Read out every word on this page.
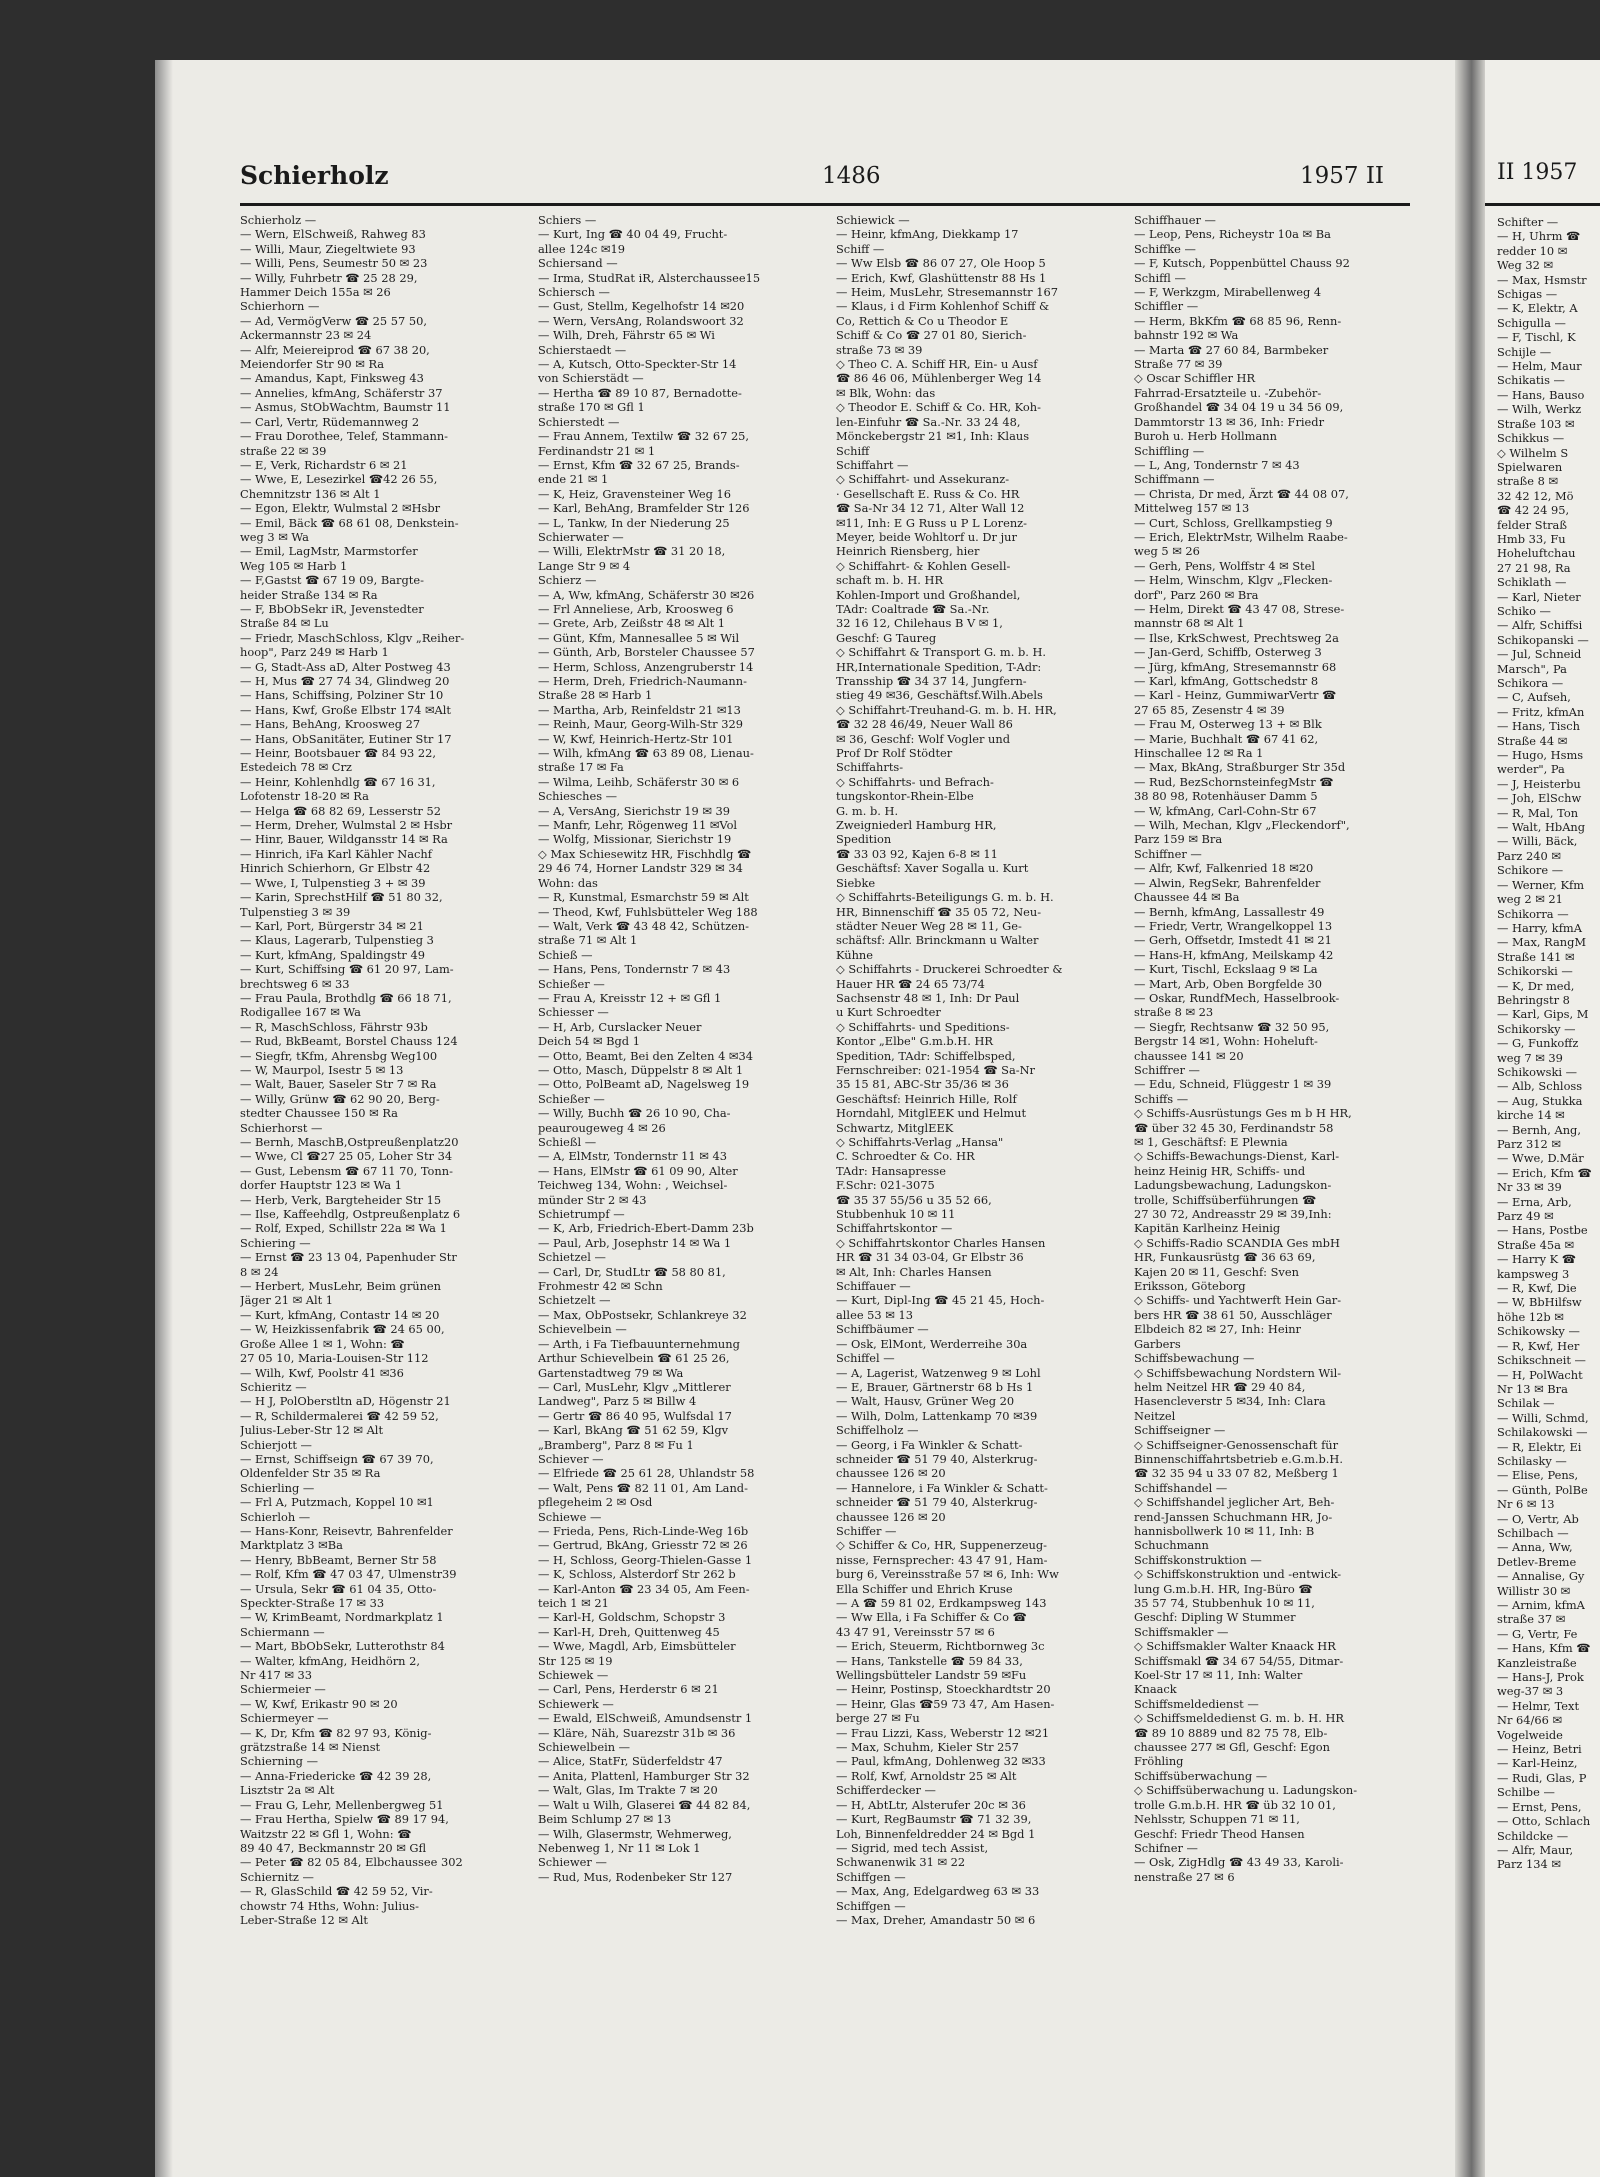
II 1957
Schifter —
— H, Uhrm ☎
redder 10 ✉
Weg 32 ✉
— Max, Hsmstr
Schigas —
— K, Elektr, A
Schigulla —
— F, Tischl, K
Schijle —
— Helm, Maur
Schikatis —
— Hans, Bauso
— Wilh, Werkz
Straße 103 ✉
Schikkus —
◇ Wilhelm S
Spielwaren
straße 8 ✉
32 42 12, Mö
☎ 42 24 95,
felder Straß
Hmb 33, Fu
Hoheluftchau
27 21 98, Ra
Schiklath —
— Karl, Nieter
Schiko —
— Alfr, Schiffsi
Schikopanski —
— Jul, Schneid
Marsch", Pa
Schikora —
— C, Aufseh,
— Fritz, kfmAn
— Hans, Tisch
Straße 44 ✉
— Hugo, Hsms
werder", Pa
— J, Heisterbu
— Joh, ElSchw
— R, Mal, Ton
— Walt, HbAng
— Willi, Bäck,
Parz 240 ✉
Schikore —
— Werner, Kfm
weg 2 ✉ 21
Schikorra —
— Harry, kfmA
— Max, RangM
Straße 141 ✉
Schikorski —
— K, Dr med,
Behringstr 8
— Karl, Gips, M
Schikorsky —
— G, Funkoffz
weg 7 ✉ 39
Schikowski —
— Alb, Schloss
— Aug, Stukka
kirche 14 ✉
— Bernh, Ang,
Parz 312 ✉
— Wwe, D.Mär
— Erich, Kfm ☎
Nr 33 ✉ 39
— Erna, Arb,
Parz 49 ✉
— Hans, Postbe
Straße 45a ✉
— Harry K ☎
kampsweg 3
— R, Kwf, Die
— W, BbHilfsw
höhe 12b ✉
Schikowsky —
— R, Kwf, Her
Schikschneit —
— H, PolWacht
Nr 13 ✉ Bra
Schilak —
— Willi, Schmd,
Schilakowski —
— R, Elektr, Ei
Schilasky —
— Elise, Pens,
— Günth, PolBe
Nr 6 ✉ 13
— O, Vertr, Ab
Schilbach —
— Anna, Ww,
Detlev-Breme
— Annalise, Gy
Willistr 30 ✉
— Arnim, kfmA
straße 37 ✉
— G, Vertr, Fe
— Hans, Kfm ☎
Kanzleistraße
— Hans-J, Prok
weg-37 ✉ 3
— Helmr, Text
Nr 64/66 ✉
Vogelweide
— Heinz, Betri
— Karl-Heinz,
— Rudi, Glas, P
Schilbe —
— Ernst, Pens,
— Otto, Schlach
Schildcke —
— Alfr, Maur,
Parz 134 ✉
Schierholz	1486	1957 II
Schierholz —
— Wern, ElSchweiß, Rahweg 83
— Willi, Maur, Ziegeltwiete 93
— Willi, Pens, Seumestr 50 ✉ 23
— Willy, Fuhrbetr ☎ 25 28 29,
Hammer Deich 155a ✉ 26
Schierhorn —
— Ad, VermögVerw ☎ 25 57 50,
Ackermannstr 23 ✉ 24
— Alfr, Meiereiprod ☎ 67 38 20,
Meiendorfer Str 90 ✉ Ra
— Amandus, Kapt, Finksweg 43
— Annelies, kfmAng, Schäferstr 37
— Asmus, StObWachtm, Baumstr 11
— Carl, Vertr, Rüdemannweg 2
— Frau Dorothee, Telef, Stammann-
straße 22 ✉ 39
— E, Verk, Richardstr 6 ✉ 21
— Wwe, E, Lesezirkel ☎42 26 55,
Chemnitzstr 136 ✉ Alt 1
— Egon, Elektr, Wulmstal 2 ✉Hsbr
— Emil, Bäck ☎ 68 61 08, Denkstein-
weg 3 ✉ Wa
— Emil, LagMstr, Marmstorfer
Weg 105 ✉ Harb 1
— F,Gastst ☎ 67 19 09, Bargte-
heider Straße 134 ✉ Ra
— F, BbObSekr iR, Jevenstedter
Straße 84 ✉ Lu
— Friedr, MaschSchloss, Klgv „Reiher-
hoop", Parz 249 ✉ Harb 1
— G, Stadt-Ass aD, Alter Postweg 43
— H, Mus ☎ 27 74 34, Glindweg 20
— Hans, Schiffsing, Polziner Str 10
— Hans, Kwf, Große Elbstr 174 ✉Alt
— Hans, BehAng, Kroosweg 27
— Hans, ObSanitäter, Eutiner Str 17
— Heinr, Bootsbauer ☎ 84 93 22,
Estedeich 78 ✉ Crz
— Heinr, Kohlenhdlg ☎ 67 16 31,
Lofotenstr 18-20 ✉ Ra
— Helga ☎ 68 82 69, Lesserstr 52
— Herm, Dreher, Wulmstal 2 ✉ Hsbr
— Hinr, Bauer, Wildgansstr 14 ✉ Ra
— Hinrich, iFa Karl Kähler Nachf
Hinrich Schierhorn, Gr Elbstr 42
— Wwe, I, Tulpenstieg 3 + ✉ 39
— Karin, SprechstHilf ☎ 51 80 32,
Tulpenstieg 3 ✉ 39
— Karl, Port, Bürgerstr 34 ✉ 21
— Klaus, Lagerarb, Tulpenstieg 3
— Kurt, kfmAng, Spaldingstr 49
— Kurt, Schiffsing ☎ 61 20 97, Lam-
brechtsweg 6 ✉ 33
— Frau Paula, Brothdlg ☎ 66 18 71,
Rodigallee 167 ✉ Wa
— R, MaschSchloss, Fährstr 93b
— Rud, BkBeamt, Borstel Chauss 124
— Siegfr, tKfm, Ahrensbg Weg100
— W, Maurpol, Isestr 5 ✉ 13
— Walt, Bauer, Saseler Str 7 ✉ Ra
— Willy, Grünw ☎ 62 90 20, Berg-
stedter Chaussee 150 ✉ Ra
Schierhorst —
— Bernh, MaschB,Ostpreußenplatz20
— Wwe, Cl ☎27 25 05, Loher Str 34
— Gust, Lebensm ☎ 67 11 70, Tonn-
dorfer Hauptstr 123 ✉ Wa 1
— Herb, Verk, Bargteheider Str 15
— Ilse, Kaffeehdlg, Ostpreußenplatz 6
— Rolf, Exped, Schillstr 22a ✉ Wa 1
Schiering —
— Ernst ☎ 23 13 04, Papenhuder Str
8 ✉ 24
— Herbert, MusLehr, Beim grünen
Jäger 21 ✉ Alt 1
— Kurt, kfmAng, Contastr 14 ✉ 20
— W, Heizkissenfabrik ☎ 24 65 00,
Große Allee 1 ✉ 1, Wohn: ☎
27 05 10, Maria-Louisen-Str 112
— Wilh, Kwf, Poolstr 41 ✉36
Schieritz —
— H J, PolOberstltn aD, Högenstr 21
— R, Schildermalerei ☎ 42 59 52,
Julius-Leber-Str 12 ✉ Alt
Schierjott —
— Ernst, Schiffseign ☎ 67 39 70,
Oldenfelder Str 35 ✉ Ra
Schierling —
— Frl A, Putzmach, Koppel 10 ✉1
Schierloh —
— Hans-Konr, Reisevtr, Bahrenfelder
Marktplatz 3 ✉Ba
— Henry, BbBeamt, Berner Str 58
— Rolf, Kfm ☎ 47 03 47, Ulmenstr39
— Ursula, Sekr ☎ 61 04 35, Otto-
Speckter-Straße 17 ✉ 33
— W, KrimBeamt, Nordmarkplatz 1
Schiermann —
— Mart, BbObSekr, Lutterothstr 84
— Walter, kfmAng, Heidhörn 2,
Nr 417 ✉ 33
Schiermeier —
— W, Kwf, Erikastr 90 ✉ 20
Schiermeyer —
— K, Dr, Kfm ☎ 82 97 93, König-
grätzstraße 14 ✉ Nienst
Schierning —
— Anna-Friedericke ☎ 42 39 28,
Lisztstr 2a ✉ Alt
— Frau G, Lehr, Mellenbergweg 51
— Frau Hertha, Spielw ☎ 89 17 94,
Waitzstr 22 ✉ Gfl 1, Wohn: ☎
89 40 47, Beckmannstr 20 ✉ Gfl
— Peter ☎ 82 05 84, Elbchaussee 302
Schiernitz —
— R, GlasSchild ☎ 42 59 52, Vir-
chowstr 74 Hths, Wohn: Julius-
Leber-Straße 12 ✉ Alt
Schiers —
— Kurt, Ing ☎ 40 04 49, Frucht-
allee 124c ✉19
Schiersand —
— Irma, StudRat iR, Alsterchaussee15
Schiersch —
— Gust, Stellm, Kegelhofstr 14 ✉20
— Wern, VersAng, Rolandswoort 32
— Wilh, Dreh, Fährstr 65 ✉ Wi
Schierstaedt —
— A, Kutsch, Otto-Speckter-Str 14
von Schierstädt —
— Hertha ☎ 89 10 87, Bernadotte-
straße 170 ✉ Gfl 1
Schierstedt —
— Frau Annem, Textilw ☎ 32 67 25,
Ferdinandstr 21 ✉ 1
— Ernst, Kfm ☎ 32 67 25, Brands-
ende 21 ✉ 1
— K, Heiz, Gravensteiner Weg 16
— Karl, BehAng, Bramfelder Str 126
— L, Tankw, In der Niederung 25
Schierwater —
— Willi, ElektrMstr ☎ 31 20 18,
Lange Str 9 ✉ 4
Schierz —
— A, Ww, kfmAng, Schäferstr 30 ✉26
— Frl Anneliese, Arb, Kroosweg 6
— Grete, Arb, Zeißstr 48 ✉ Alt 1
— Günt, Kfm, Mannesallee 5 ✉ Wil
— Günth, Arb, Borsteler Chaussee 57
— Herm, Schloss, Anzengruberstr 14
— Herm, Dreh, Friedrich-Naumann-
Straße 28 ✉ Harb 1
— Martha, Arb, Reinfeldstr 21 ✉13
— Reinh, Maur, Georg-Wilh-Str 329
— W, Kwf, Heinrich-Hertz-Str 101
— Wilh, kfmAng ☎ 63 89 08, Lienau-
straße 17 ✉ Fa
— Wilma, Leihb, Schäferstr 30 ✉ 6
Schiesches —
— A, VersAng, Sierichstr 19 ✉ 39
— Manfr, Lehr, Rögenweg 11 ✉Vol
— Wolfg, Missionar, Sierichstr 19
◇ Max Schiesewitz HR, Fischhdlg ☎
29 46 74, Horner Landstr 329 ✉ 34
Wohn: das
— R, Kunstmal, Esmarchstr 59 ✉ Alt
— Theod, Kwf, Fuhlsbütteler Weg 188
— Walt, Verk ☎ 43 48 42, Schützen-
straße 71 ✉ Alt 1
Schieß —
— Hans, Pens, Tondernstr 7 ✉ 43
Schießer —
— Frau A, Kreisstr 12 + ✉ Gfl 1
Schiesser —
— H, Arb, Curslacker Neuer
Deich 54 ✉ Bgd 1
— Otto, Beamt, Bei den Zelten 4 ✉34
— Otto, Masch, Düppelstr 8 ✉ Alt 1
— Otto, PolBeamt aD, Nagelsweg 19
Schießer —
— Willy, Buchh ☎ 26 10 90, Cha-
peaurougeweg 4 ✉ 26
Schießl —
— A, ElMstr, Tondernstr 11 ✉ 43
— Hans, ElMstr ☎ 61 09 90, Alter
Teichweg 134, Wohn: , Weichsel-
münder Str 2 ✉ 43
Schietrumpf —
— K, Arb, Friedrich-Ebert-Damm 23b
— Paul, Arb, Josephstr 14 ✉ Wa 1
Schietzel —
— Carl, Dr, StudLtr ☎ 58 80 81,
Frohmestr 42 ✉ Schn
Schietzelt —
— Max, ObPostsekr, Schlankreye 32
Schievelbein —
— Arth, i Fa Tiefbauunternehmung
Arthur Schievelbein ☎ 61 25 26,
Gartenstadtweg 79 ✉ Wa
— Carl, MusLehr, Klgv „Mittlerer
Landweg", Parz 5 ✉ Billw 4
— Gertr ☎ 86 40 95, Wulfsdal 17
— Karl, BkAng ☎ 51 62 59, Klgv
„Bramberg", Parz 8 ✉ Fu 1
Schiever —
— Elfriede ☎ 25 61 28, Uhlandstr 58
— Walt, Pens ☎ 82 11 01, Am Land-
pflegeheim 2 ✉ Osd
Schiewe —
— Frieda, Pens, Rich-Linde-Weg 16b
— Gertrud, BkAng, Griesstr 72 ✉ 26
— H, Schloss, Georg-Thielen-Gasse 1
— K, Schloss, Alsterdorf Str 262 b
— Karl-Anton ☎ 23 34 05, Am Feen-
teich 1 ✉ 21
— Karl-H, Goldschm, Schopstr 3
— Karl-H, Dreh, Quittenweg 45
— Wwe, Magdl, Arb, Eimsbütteler
Str 125 ✉ 19
Schiewek —
— Carl, Pens, Herderstr 6 ✉ 21
Schiewerk —
— Ewald, ElSchweiß, Amundsenstr 1
— Kläre, Näh, Suarezstr 31b ✉ 36
Schiewelbein —
— Alice, StatFr, Süderfeldstr 47
— Anita, Plattenl, Hamburger Str 32
— Walt, Glas, Im Trakte 7 ✉ 20
— Walt u Wilh, Glaserei ☎ 44 82 84,
Beim Schlump 27 ✉ 13
— Wilh, Glasermstr, Wehmerweg,
Nebenweg 1, Nr 11 ✉ Lok 1
Schiewer —
— Rud, Mus, Rodenbeker Str 127
Schiewick —
— Heinr, kfmAng, Diekkamp 17
Schiff —
— Ww Elsb ☎ 86 07 27, Ole Hoop 5
— Erich, Kwf, Glashüttenstr 88 Hs 1
— Heim, MusLehr, Stresemannstr 167
— Klaus, i d Firm Kohlenhof Schiff &
Co, Rettich & Co u Theodor E
Schiff & Co ☎ 27 01 80, Sierich-
straße 73 ✉ 39
◇ Theo C. A. Schiff HR, Ein- u Ausf
☎ 86 46 06, Mühlenberger Weg 14
✉ Blk, Wohn: das
◇ Theodor E. Schiff & Co. HR, Koh-
len-Einfuhr ☎ Sa.-Nr. 33 24 48,
Mönckebergstr 21 ✉1, Inh: Klaus
Schiff
Schiffahrt —
◇ Schiffahrt- und Assekuranz-
· Gesellschaft E. Russ & Co. HR
☎ Sa-Nr 34 12 71, Alter Wall 12
✉11, Inh: E G Russ u P L Lorenz-
Meyer, beide Wohltorf u. Dr jur
Heinrich Riensberg, hier
◇ Schiffahrt- & Kohlen Gesell-
schaft m. b. H. HR
Kohlen-Import und Großhandel,
TAdr: Coaltrade ☎ Sa.-Nr.
32 16 12, Chilehaus B V ✉ 1,
Geschf: G Taureg
◇ Schiffahrt & Transport G. m. b. H.
HR,Internationale Spedition, T-Adr:
Transship ☎ 34 37 14, Jungfern-
stieg 49 ✉36, Geschäftsf.Wilh.Abels
◇ Schiffahrt-Treuhand-G. m. b. H. HR,
☎ 32 28 46/49, Neuer Wall 86
✉ 36, Geschf: Wolf Vogler und
Prof Dr Rolf Stödter
Schiffahrts-
◇ Schiffahrts- und Befrach-
tungskontor-Rhein-Elbe
G. m. b. H.
Zweigniederl Hamburg HR,
Spedition
☎ 33 03 92, Kajen 6-8 ✉ 11
Geschäftsf: Xaver Sogalla u. Kurt
Siebke
◇ Schiffahrts-Beteiligungs G. m. b. H.
HR, Binnenschiff ☎ 35 05 72, Neu-
städter Neuer Weg 28 ✉ 11, Ge-
schäftsf: Allr. Brinckmann u Walter
Kühne
◇ Schiffahrts - Druckerei Schroedter &
Hauer HR ☎ 24 65 73/74
Sachsenstr 48 ✉ 1, Inh: Dr Paul
u Kurt Schroedter
◇ Schiffahrts- und Speditions-
Kontor „Elbe" G.m.b.H. HR
Spedition, TAdr: Schiffelbsped,
Fernschreiber: 021-1954 ☎ Sa-Nr
35 15 81, ABC-Str 35/36 ✉ 36
Geschäftsf: Heinrich Hille, Rolf
Horndahl, MitglEEK und Helmut
Schwartz, MitglEEK
◇ Schiffahrts-Verlag „Hansa"
C. Schroedter & Co. HR
TAdr: Hansapresse
F.Schr: 021-3075
☎ 35 37 55/56 u 35 52 66,
Stubbenhuk 10 ✉ 11
Schiffahrtskontor —
◇ Schiffahrtskontor Charles Hansen
HR ☎ 31 34 03-04, Gr Elbstr 36
✉ Alt, Inh: Charles Hansen
Schiffauer —
— Kurt, Dipl-Ing ☎ 45 21 45, Hoch-
allee 53 ✉ 13
Schiffbäumer —
— Osk, ElMont, Werderreihe 30a
Schiffel —
— A, Lagerist, Watzenweg 9 ✉ Lohl
— E, Brauer, Gärtnerstr 68 b Hs 1
— Walt, Hausv, Grüner Weg 20
— Wilh, Dolm, Lattenkamp 70 ✉39
Schiffelholz —
— Georg, i Fa Winkler & Schatt-
schneider ☎ 51 79 40, Alsterkrug-
chaussee 126 ✉ 20
— Hannelore, i Fa Winkler & Schatt-
schneider ☎ 51 79 40, Alsterkrug-
chaussee 126 ✉ 20
Schiffer —
◇ Schiffer & Co, HR, Suppenerzeug-
nisse, Fernsprecher: 43 47 91, Ham-
burg 6, Vereinsstraße 57 ✉ 6, Inh: Ww
Ella Schiffer und Ehrich Kruse
— A ☎ 59 81 02, Erdkampsweg 143
— Ww Ella, i Fa Schiffer & Co ☎
43 47 91, Vereinsstr 57 ✉ 6
— Erich, Steuerm, Richtbornweg 3c
— Hans, Tankstelle ☎ 59 84 33,
Wellingsbütteler Landstr 59 ✉Fu
— Heinr, Postinsp, Stoeckhardtstr 20
— Heinr, Glas ☎59 73 47, Am Hasen-
berge 27 ✉ Fu
— Frau Lizzi, Kass, Weberstr 12 ✉21
— Max, Schuhm, Kieler Str 257
— Paul, kfmAng, Dohlenweg 32 ✉33
— Rolf, Kwf, Arnoldstr 25 ✉ Alt
Schifferdecker —
— H, AbtLtr, Alsterufer 20c ✉ 36
— Kurt, RegBaumstr ☎ 71 32 39,
Loh, Binnenfeldredder 24 ✉ Bgd 1
— Sigrid, med tech Assist,
Schwanenwik 31 ✉ 22
Schiffgen —
— Max, Ang, Edelgardweg 63 ✉ 33
Schiffgen —
— Max, Dreher, Amandastr 50 ✉ 6
Schiffhauer —
— Leop, Pens, Richeystr 10a ✉ Ba
Schiffke —
— F, Kutsch, Poppenbüttel Chauss 92
Schiffl —
— F, Werkzgm, Mirabellenweg 4
Schiffler —
— Herm, BkKfm ☎ 68 85 96, Renn-
bahnstr 192 ✉ Wa
— Marta ☎ 27 60 84, Barmbeker
Straße 77 ✉ 39
◇ Oscar Schiffler HR
Fahrrad-Ersatzteile u. -Zubehör-
Großhandel ☎ 34 04 19 u 34 56 09,
Dammtorstr 13 ✉ 36, Inh: Friedr
Buroh u. Herb Hollmann
Schiffling —
— L, Ang, Tondernstr 7 ✉ 43
Schiffmann —
— Christa, Dr med, Ärzt ☎ 44 08 07,
Mittelweg 157 ✉ 13
— Curt, Schloss, Grellkampstieg 9
— Erich, ElektrMstr, Wilhelm Raabe-
weg 5 ✉ 26
— Gerh, Pens, Wolffstr 4 ✉ Stel
— Helm, Winschm, Klgv „Flecken-
dorf", Parz 260 ✉ Bra
— Helm, Direkt ☎ 43 47 08, Strese-
mannstr 68 ✉ Alt 1
— Ilse, KrkSchwest, Prechtsweg 2a
— Jan-Gerd, Schiffb, Osterweg 3
— Jürg, kfmAng, Stresemannstr 68
— Karl, kfmAng, Gottschedstr 8
— Karl - Heinz, GummiwarVertr ☎
27 65 85, Zesenstr 4 ✉ 39
— Frau M, Osterweg 13 + ✉ Blk
— Marie, Buchhalt ☎ 67 41 62,
Hinschallee 12 ✉ Ra 1
— Max, BkAng, Straßburger Str 35d
— Rud, BezSchornsteinfegMstr ☎
38 80 98, Rotenhäuser Damm 5
— W, kfmAng, Carl-Cohn-Str 67
— Wilh, Mechan, Klgv „Fleckendorf",
Parz 159 ✉ Bra
Schiffner —
— Alfr, Kwf, Falkenried 18 ✉20
— Alwin, RegSekr, Bahrenfelder
Chaussee 44 ✉ Ba
— Bernh, kfmAng, Lassallestr 49
— Friedr, Vertr, Wrangelkoppel 13
— Gerh, Offsetdr, Imstedt 41 ✉ 21
— Hans-H, kfmAng, Meilskamp 42
— Kurt, Tischl, Eckslaag 9 ✉ La
— Mart, Arb, Oben Borgfelde 30
— Oskar, RundfMech, Hasselbrook-
straße 8 ✉ 23
— Siegfr, Rechtsanw ☎ 32 50 95,
Bergstr 14 ✉1, Wohn: Hoheluft-
chaussee 141 ✉ 20
Schiffrer —
— Edu, Schneid, Flüggestr 1 ✉ 39
Schiffs —
◇ Schiffs-Ausrüstungs Ges m b H HR,
☎ über 32 45 30, Ferdinandstr 58
✉ 1, Geschäftsf: E Plewnia
◇ Schiffs-Bewachungs-Dienst, Karl-
heinz Heinig HR, Schiffs- und
Ladungsbewachung, Ladungskon-
trolle, Schiffsüberführungen ☎
27 30 72, Andreasstr 29 ✉ 39,Inh:
Kapitän Karlheinz Heinig
◇ Schiffs-Radio SCANDIA Ges mbH
HR, Funkausrüstg ☎ 36 63 69,
Kajen 20 ✉ 11, Geschf: Sven
Eriksson, Göteborg
◇ Schiffs- und Yachtwerft Hein Gar-
bers HR ☎ 38 61 50, Ausschläger
Elbdeich 82 ✉ 27, Inh: Heinr
Garbers
Schiffsbewachung —
◇ Schiffsbewachung Nordstern Wil-
helm Neitzel HR ☎ 29 40 84,
Hasencleverstr 5 ✉34, Inh: Clara
Neitzel
Schiffseigner —
◇ Schiffseigner-Genossenschaft für
Binnenschiffahrtsbetrieb e.G.m.b.H.
☎ 32 35 94 u 33 07 82, Meßberg 1
Schiffshandel —
◇ Schiffshandel jeglicher Art, Beh-
rend-Janssen Schuchmann HR, Jo-
hannisbollwerk 10 ✉ 11, Inh: B
Schuchmann
Schiffskonstruktion —
◇ Schiffskonstruktion und -entwick-
lung G.m.b.H. HR, Ing-Büro ☎
35 57 74, Stubbenhuk 10 ✉ 11,
Geschf: Dipling W Stummer
Schiffsmakler —
◇ Schiffsmakler Walter Knaack HR
Schiffsmakl ☎ 34 67 54/55, Ditmar-
Koel-Str 17 ✉ 11, Inh: Walter
Knaack
Schiffsmeldedienst —
◇ Schiffsmeldedienst G. m. b. H. HR
☎ 89 10 8889 und 82 75 78, Elb-
chaussee 277 ✉ Gfl, Geschf: Egon
Fröhling
Schiffsüberwachung —
◇ Schiffsüberwachung u. Ladungskon-
trolle G.m.b.H. HR ☎ üb 32 10 01,
Nehlsstr, Schuppen 71 ✉ 11,
Geschf: Friedr Theod Hansen
Schifner —
— Osk, ZigHdlg ☎ 43 49 33, Karoli-
nenstraße 27 ✉ 6
